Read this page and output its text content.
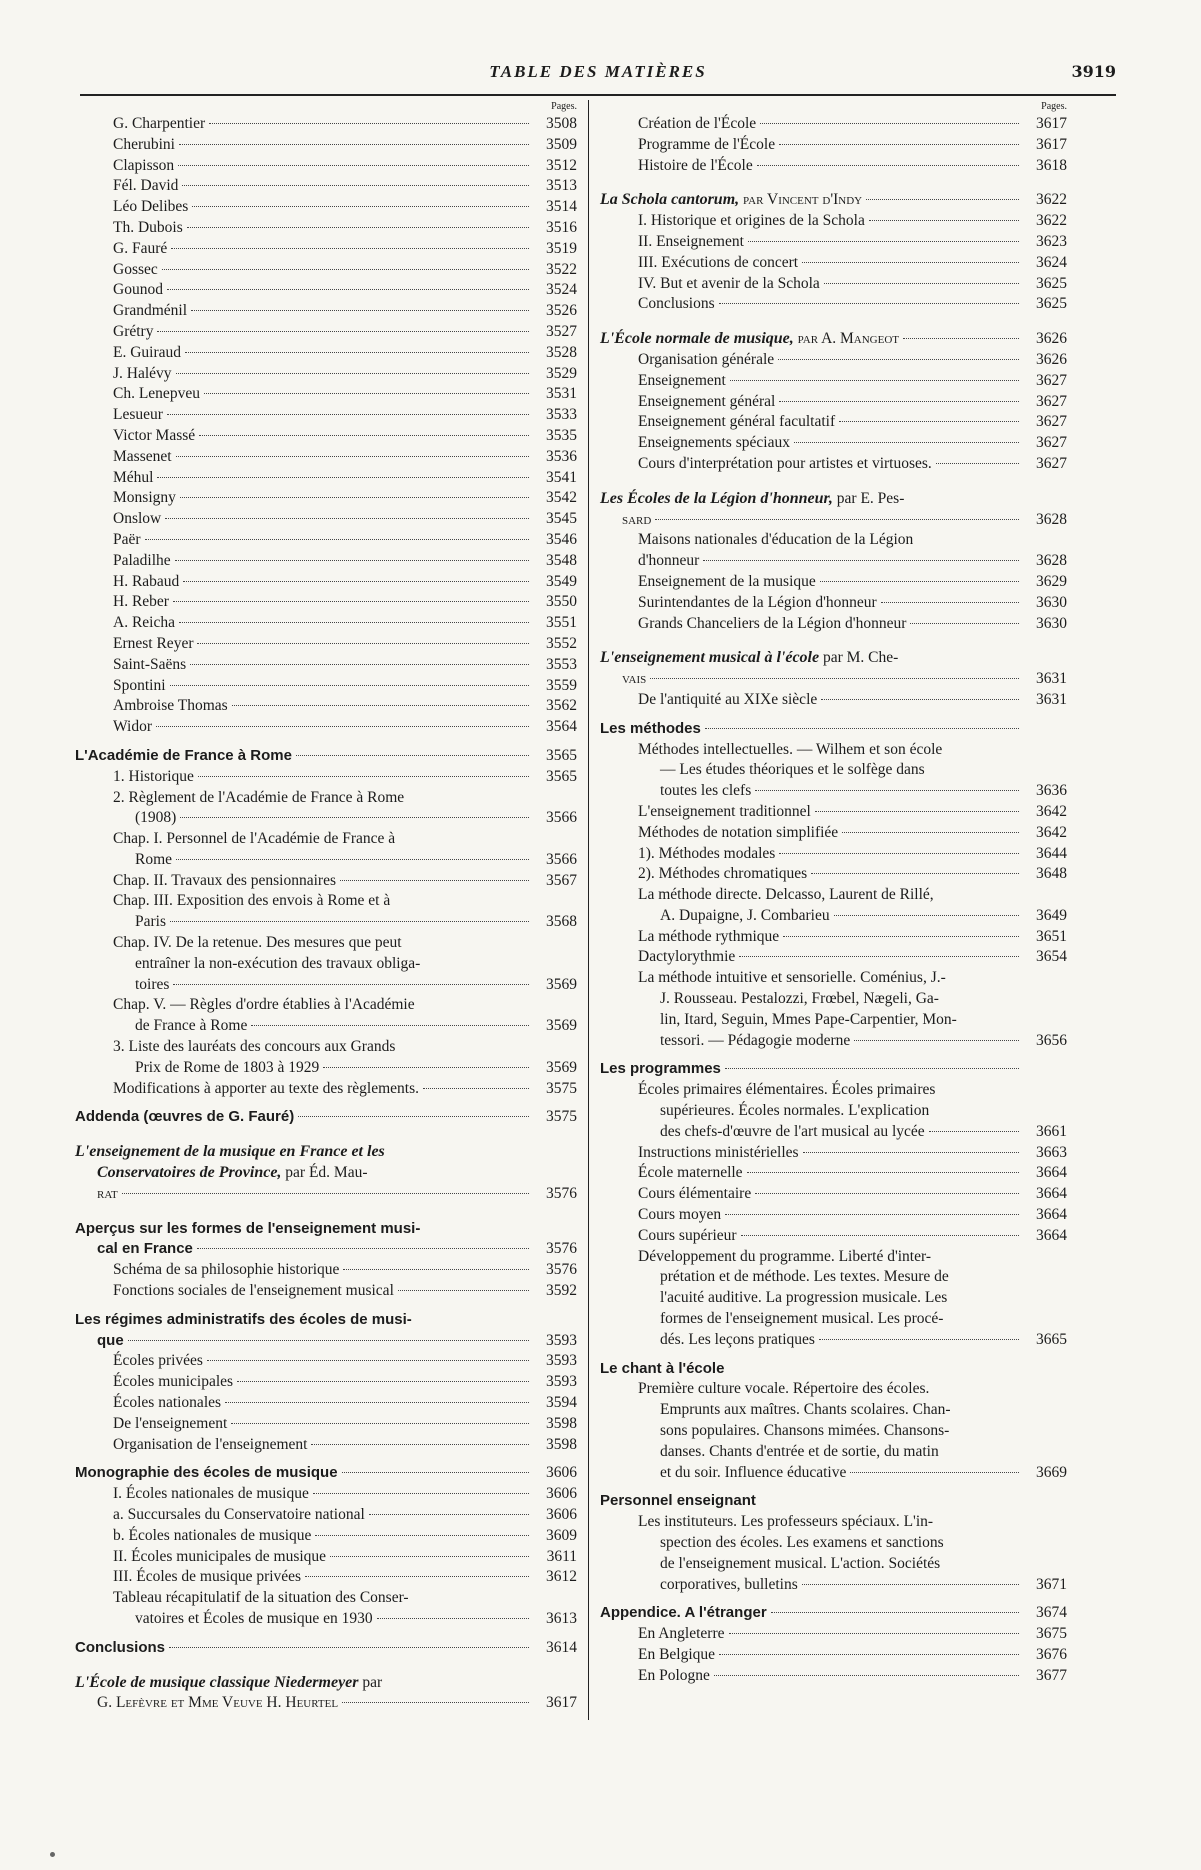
TABLE DES MATIÈRES	3919
Pages.
G. Charpentier	3508
Cherubini	3509
Clapisson	3512
Fél. David	3513
Léo Delibes	3514
Th. Dubois	3516
G. Fauré	3519
Gossec	3522
Gounod	3524
Grandménil	3526
Grétry	3527
E. Guiraud	3528
J. Halévy	3529
Ch. Lenepveu	3531
Lesueur	3533
Victor Massé	3535
Massenet	3536
Méhul	3541
Monsigny	3542
Onslow	3545
Paër	3546
Paladilhe	3548
H. Rabaud	3549
H. Reber	3550
A. Reicha	3551
Ernest Reyer	3552
Saint-Saëns	3553
Spontini	3559
Ambroise Thomas	3562
Widor	3564
L'Académie de France à Rome	3565
1. Historique	3565
2. Règlement de l'Académie de France à Rome
(1908)	3566
Chap. I. Personnel de l'Académie de France à
Rome	3566
Chap. II. Travaux des pensionnaires	3567
Chap. III. Exposition des envois à Rome et à
Paris	3568
Chap. IV. De la retenue. Des mesures que peut
entraîner la non-exécution des travaux obliga-
toires	3569
Chap. V. — Règles d'ordre établies à l'Académie
de France à Rome	3569
3. Liste des lauréats des concours aux Grands
Prix de Rome de 1803 à 1929	3569
Modifications à apporter au texte des règlements.	3575
Addenda (œuvres de G. Fauré)	3575
L'enseignement de la musique en France et les
Conservatoires de Province, par Éd. Mau-
rat	3576
Aperçus sur les formes de l'enseignement musi-
cal en France	3576
Schéma de sa philosophie historique	3576
Fonctions sociales de l'enseignement musical	3592
Les régimes administratifs des écoles de musi-
que	3593
Écoles privées	3593
Écoles municipales	3593
Écoles nationales	3594
De l'enseignement	3598
Organisation de l'enseignement	3598
Monographie des écoles de musique	3606
I. Écoles nationales de musique	3606
a. Succursales du Conservatoire national	3606
b. Écoles nationales de musique	3609
II. Écoles municipales de musique	3611
III. Écoles de musique privées	3612
Tableau récapitulatif de la situation des Conser-
vatoires et Écoles de musique en 1930	3613
Conclusions	3614
L'École de musique classique Niedermeyer par
G. Lefèvre et Mme Veuve H. Heurtel	3617
Pages.
Création de l'École	3617
Programme de l'École	3617
Histoire de l'École	3618
La Schola cantorum, par Vincent d'Indy	3622
I. Historique et origines de la Schola	3622
II. Enseignement	3623
III. Exécutions de concert	3624
IV. But et avenir de la Schola	3625
Conclusions	3625
L'École normale de musique, par A. Mangeot	3626
Organisation générale	3626
Enseignement	3627
Enseignement général	3627
Enseignement général facultatif	3627
Enseignements spéciaux	3627
Cours d'interprétation pour artistes et virtuoses.	3627
Les Écoles de la Légion d'honneur, par E. Pes-
sard	3628
Maisons nationales d'éducation de la Légion
d'honneur	3628
Enseignement de la musique	3629
Surintendantes de la Légion d'honneur	3630
Grands Chanceliers de la Légion d'honneur	3630
L'enseignement musical à l'école par M. Che-
vais	3631
De l'antiquité au XIXe siècle	3631
Les méthodes
Méthodes intellectuelles. — Wilhem et son école
— Les études théoriques et le solfège dans
toutes les clefs	3636
L'enseignement traditionnel	3642
Méthodes de notation simplifiée	3642
1). Méthodes modales	3644
2). Méthodes chromatiques	3648
La méthode directe. Delcasso, Laurent de Rillé,
A. Dupaigne, J. Combarieu	3649
La méthode rythmique	3651
Dactylorythmie	3654
La méthode intuitive et sensorielle. Coménius, J.-
J. Rousseau. Pestalozzi, Frœbel, Nægeli, Ga-
lin, Itard, Seguin, Mmes Pape-Carpentier, Mon-
tessori. — Pédagogie moderne	3656
Les programmes
Écoles primaires élémentaires. Écoles primaires
supérieures. Écoles normales. L'explication
des chefs-d'œuvre de l'art musical au lycée	3661
Instructions ministérielles	3663
École maternelle	3664
Cours élémentaire	3664
Cours moyen	3664
Cours supérieur	3664
Développement du programme. Liberté d'inter-
prétation et de méthode. Les textes. Mesure de
l'acuité auditive. La progression musicale. Les
formes de l'enseignement musical. Les procé-
dés. Les leçons pratiques	3665
Le chant à l'école
Première culture vocale. Répertoire des écoles.
Emprunts aux maîtres. Chants scolaires. Chan-
sons populaires. Chansons mimées. Chansons-
danses. Chants d'entrée et de sortie, du matin
et du soir. Influence éducative	3669
Personnel enseignant
Les instituteurs. Les professeurs spéciaux. L'in-
spection des écoles. Les examens et sanctions
de l'enseignement musical. L'action. Sociétés
corporatives, bulletins	3671
Appendice. A l'étranger	3674
En Angleterre	3675
En Belgique	3676
En Pologne	3677
